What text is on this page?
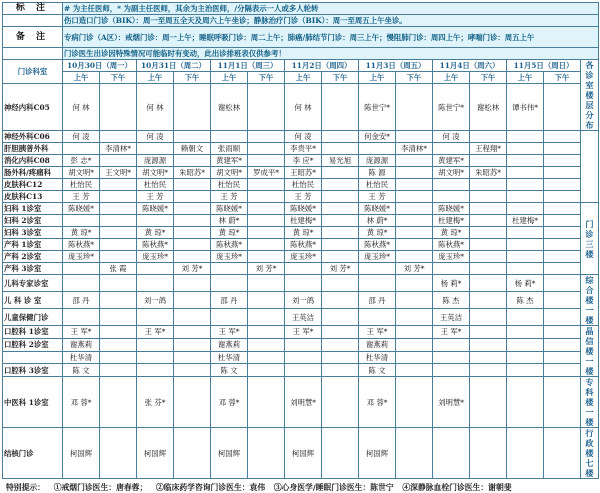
标 注	# 为主任医师，* 为副主任医师，其余为主治医师，/分隔表示一人或多人轮转															
	伤口造口门诊（BIK）：周一至周五全天及周六上午坐诊；静脉治疗门诊（BIK）：周一至周五上午坐诊。															
备 注	专病门诊（A区）：戒烟门诊：周一上午；睡眠呼吸门诊：周二上午；肺癌/肺结节门诊：周三上午；慢阻肺门诊：周四上午；哮喘门诊：周五上午															
	门诊医生出诊因特殊情况可能临时有变动，此出诊排班表仅供参考！															
门诊科室	10月30日（周一）		10月31日（周二）		11月1日（周三）		11月2日（周四）		11月3日（周五）		11月4日（周六）		11月5日（周日）		各诊室楼层分布	
	上午	下午	上午	下午	上午	下午	上午	下午	上午	下午	上午	下午	上午	下午		
神经内科C05	何 林		何 林		谢松林		何 林		陈世宁*		陈世宁*	谢松林	谭书伟*		
神经外科C06	何 凌		何 凌				何 凌		何金安*		何 凌					
肝胆胰普外科		李清林*		赖朝文	张雨顺		李贵平*			李清林*		王程翔*				
消化内科C08	彭 志*		庞源源		黄建军*		李 应*	易光旭	庞源源		黄建军*					
肠外科/疼痛科	胡文明*	王文明*	胡文明*	朱昭苏*	胡文明*	罗成平*	王昭苏*		陈 源		胡文明*	朱昭苏*				
皮肤科C12	杜怡民		杜怡民		杜怡民		杜怡民		杜怡民							
皮肤科C13	王 芳		王 芳		王 芳		王 芳		王 芳							
妇科 1诊室	陈晓媛*		陈晓媛*		陈晓媛*		陈晓媛*		陈晓媛*		陈晓媛*				门诊三楼	
妇科 2诊室					林 蔚*		杜建梅*		林 蔚*		杜建梅*		杜建梅*			
妇科 3诊室	黄 琼*		黄 琼*		黄 琼*		黄 琼*		黄 琼*		黄 琼*					
产科 1诊室	陈秋燕*		陈秋燕*		陈秋燕*		陈秋燕*		陈秋燕*		陈秋燕*					
产科 2诊室	庞玉珍*		庞玉珍*		庞玉珍*		庞玉珍*		庞玉珍*		庞玉珍*					
产科 3诊室		张 霞		刘 芳*		刘 芳*		刘 芳*		刘 芳*						
儿科专家诊室											杨 莉*		杨 莉*		综合楼一楼	
儿 科 诊 室	邵 丹		刘一鸽		邵 丹		刘一鸽		邵 丹		陈 杰		陈 杰			
儿童保健门诊							王英洁				王英洁					
口腔科 1诊室	王 军*		王 军*		王 军*		王 军*		王 军*		王 军*				晶信楼一楼	
口腔科 2诊室	谢燕莉				谢燕莉				谢燕莉							
	杜华清				杜华清				杜华清							
口腔科 3诊室	陈 文				陈 文				陈 文							
中医科 1诊室	邓 蓉*		张 芬*		邓 蓉*		刘明慧*		邓 蓉*		刘明慧*				专科楼一楼	
结核门诊	柯国辉		柯国辉		柯国辉		柯国辉		柯国辉						行政楼七楼	
特别提示： ①戒烟门诊医生：唐春蓉； ②临床药学咨询门诊医生：袁伟 ③心身医学/睡眠门诊医生：陈世宁 ④深静脉血栓门诊医生：谢朝斐
